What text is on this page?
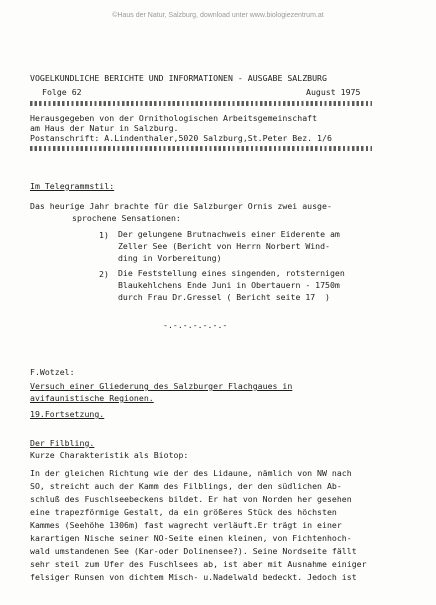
©Haus der Natur, Salzburg, download unter www.biologiezentrum.at
VOGELKUNDLICHE BERICHTE UND INFORMATIONEN - AUSGABE SALZBURG
Folge 62	August 1975
Herausgegeben von der Ornithologischen Arbeitsgemeinschaft
am Haus der Natur in Salzburg.
Postanschrift: A.Lindenthaler,5020 Salzburg,St.Peter Bez. 1/6
Im Telegrammstil:
Das heurige Jahr brachte für die Salzburger Ornis zwei ausge-
sprochene Sensationen:
1) Der gelungene Brutnachweis einer Eiderente am
Zeller See (Bericht von Herrn Norbert Wind-
ding in Vorbereitung)
2) Die Feststellung eines singenden, rotsternigen
Blaukehlchens Ende Juni in Obertauern - 1750m
durch Frau Dr.Gressel ( Bericht seite 17  )
-.-.-.-.-.-.-
F.Wotzel:
Versuch einer Gliederung des Salzburger Flachgaues in
avifaunistische Regionen.
19.Fortsetzung.
Der Filbling.
Kurze Charakteristik als Biotop:
In der gleichen Richtung wie der des Lidaune, nämlich von NW nach
SO, streicht auch der Kamm des Filblings, der den südlichen Ab-
schluß des Fuschlseebeckens bildet. Er hat von Norden her gesehen
eine trapezförmige Gestalt, da ein größeres Stück des höchsten
Kammes (Seehöhe 1306m) fast wagrecht verläuft.Er trägt in einer
karartigen Nische seiner NO-Seite einen kleinen, von Fichtenhoch-
wald umstandenen See (Kar-oder Dolinensee?). Seine Nordseite fällt
sehr steil zum Ufer des Fuschlsees ab, ist aber mit Ausnahme einiger
felsiger Runsen von dichtem Misch- u.Nadelwald bedeckt. Jedoch ist
